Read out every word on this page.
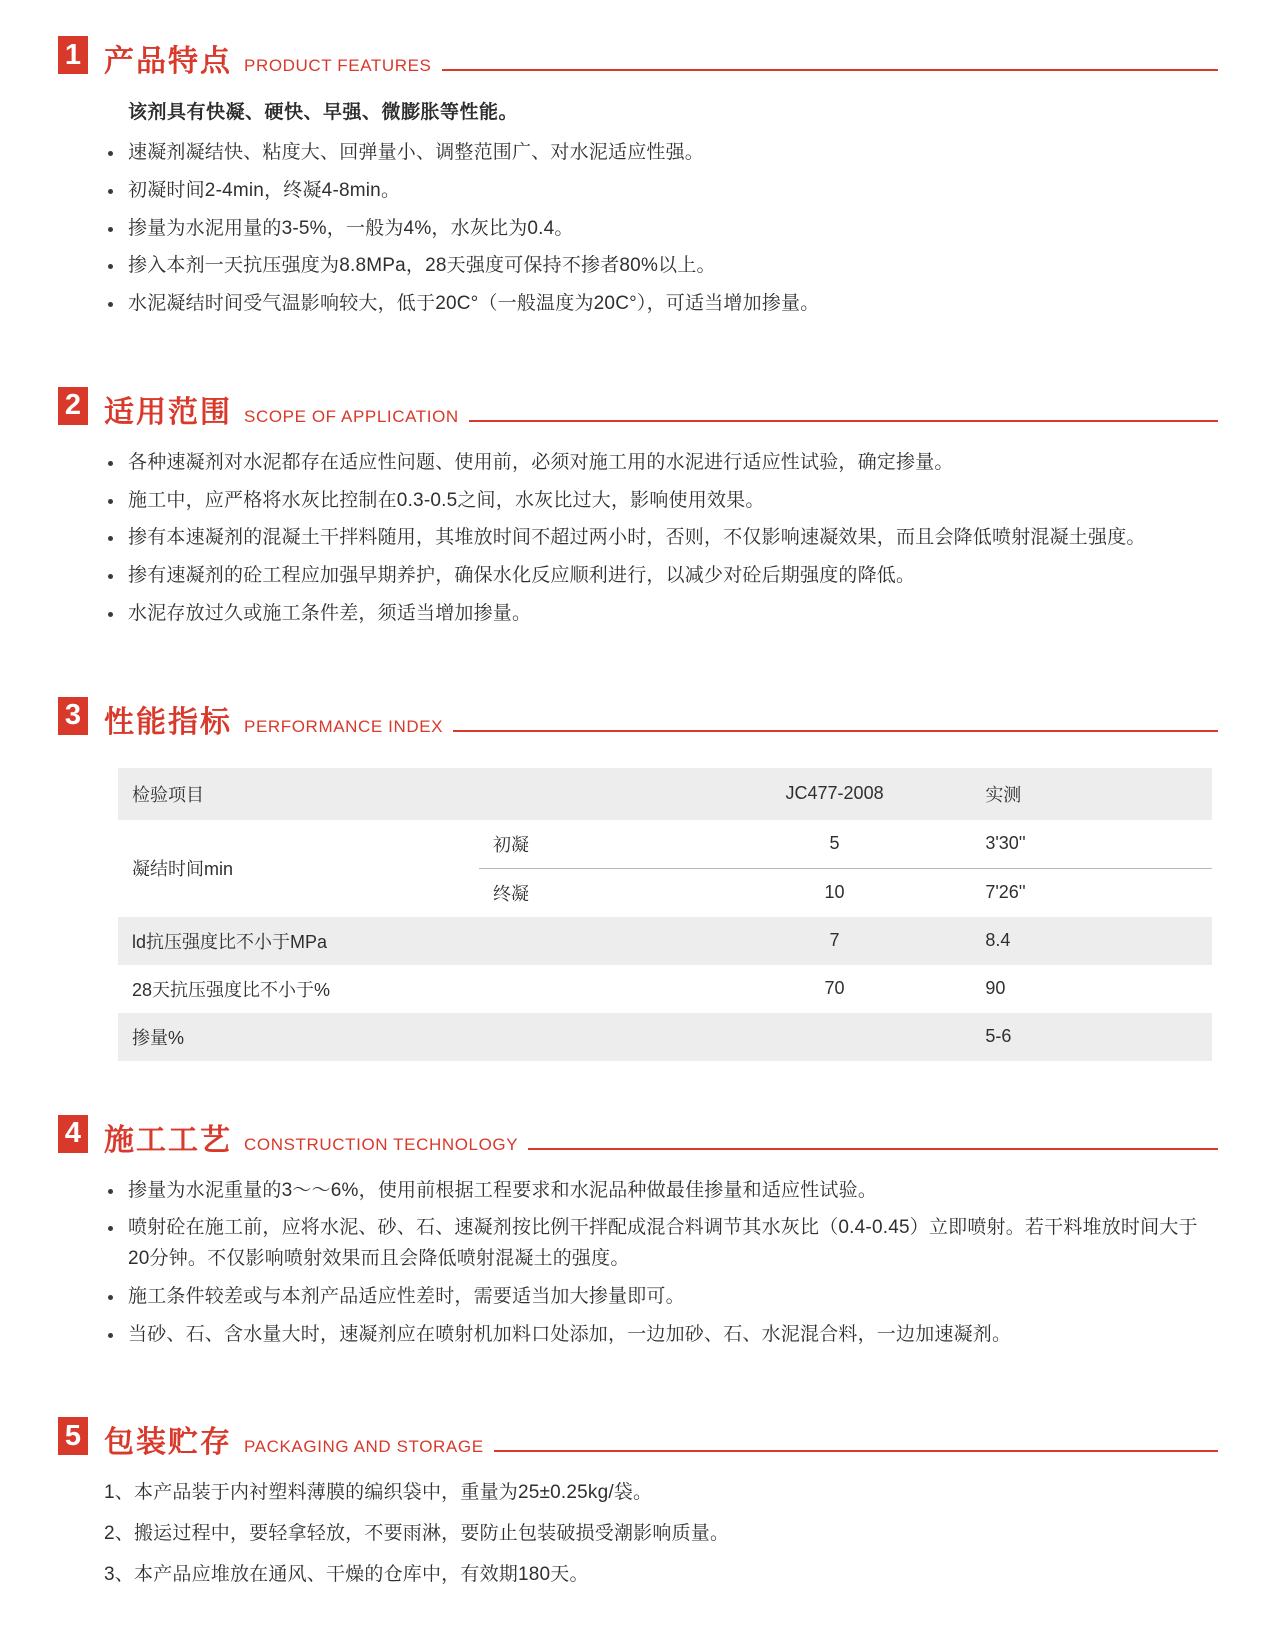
1 产品特点 PRODUCT FEATURES

该剂具有快凝、硬快、早强、微膨胀等性能。

速凝剂凝结快、粘度大、回弹量小、调整范围广、对水泥适应性强。
初凝时间2-4min，终凝4-8min。
掺量为水泥用量的3-5%，一般为4%，水灰比为0.4。
掺入本剂一天抗压强度为8.8MPa，28天强度可保持不掺者80%以上。
水泥凝结时间受气温影响较大，低于20C°（一般温度为20C°），可适当增加掺量。
2 适用范围 SCOPE OF APPLICATION
各种速凝剂对水泥都存在适应性问题、使用前，必须对施工用的水泥进行适应性试验，确定掺量。
施工中，应严格将水灰比控制在0.3-0.5之间，水灰比过大，影响使用效果。
掺有本速凝剂的混凝土干拌料随用，其堆放时间不超过两小时，否则，不仅影响速凝效果，而且会降低喷射混凝土强度。
掺有速凝剂的砼工程应加强早期养护，确保水化反应顺利进行，以减少对砼后期强度的降低。
水泥存放过久或施工条件差，须适当增加掺量。
3 性能指标 PERFORMANCE INDEX
检验项目		JC477-2008	实测
凝结时间min	初凝	5	3'30''
	终凝	10	7'26''
ld抗压强度比不小于MPa		7	8.4
28天抗压强度比不小于%		70	90
掺量%			5-6
4 施工工艺 CONSTRUCTION TECHNOLOGY
掺量为水泥重量的3～～6%，使用前根据工程要求和水泥品种做最佳掺量和适应性试验。
喷射砼在施工前，应将水泥、砂、石、速凝剂按比例干拌配成混合料调节其水灰比（0.4-0.45）立即喷射。若干料堆放时间大于20分钟。不仅影响喷射效果而且会降低喷射混凝土的强度。
施工条件较差或与本剂产品适应性差时，需要适当加大掺量即可。
当砂、石、含水量大时，速凝剂应在喷射机加料口处添加，一边加砂、石、水泥混合料，一边加速凝剂。
5 包装贮存 PACKAGING AND STORAGE
1、本产品装于内衬塑料薄膜的编织袋中，重量为25±0.25kg/袋。
2、搬运过程中，要轻拿轻放，不要雨淋，要防止包装破损受潮影响质量。
3、本产品应堆放在通风、干燥的仓库中，有效期180天。
